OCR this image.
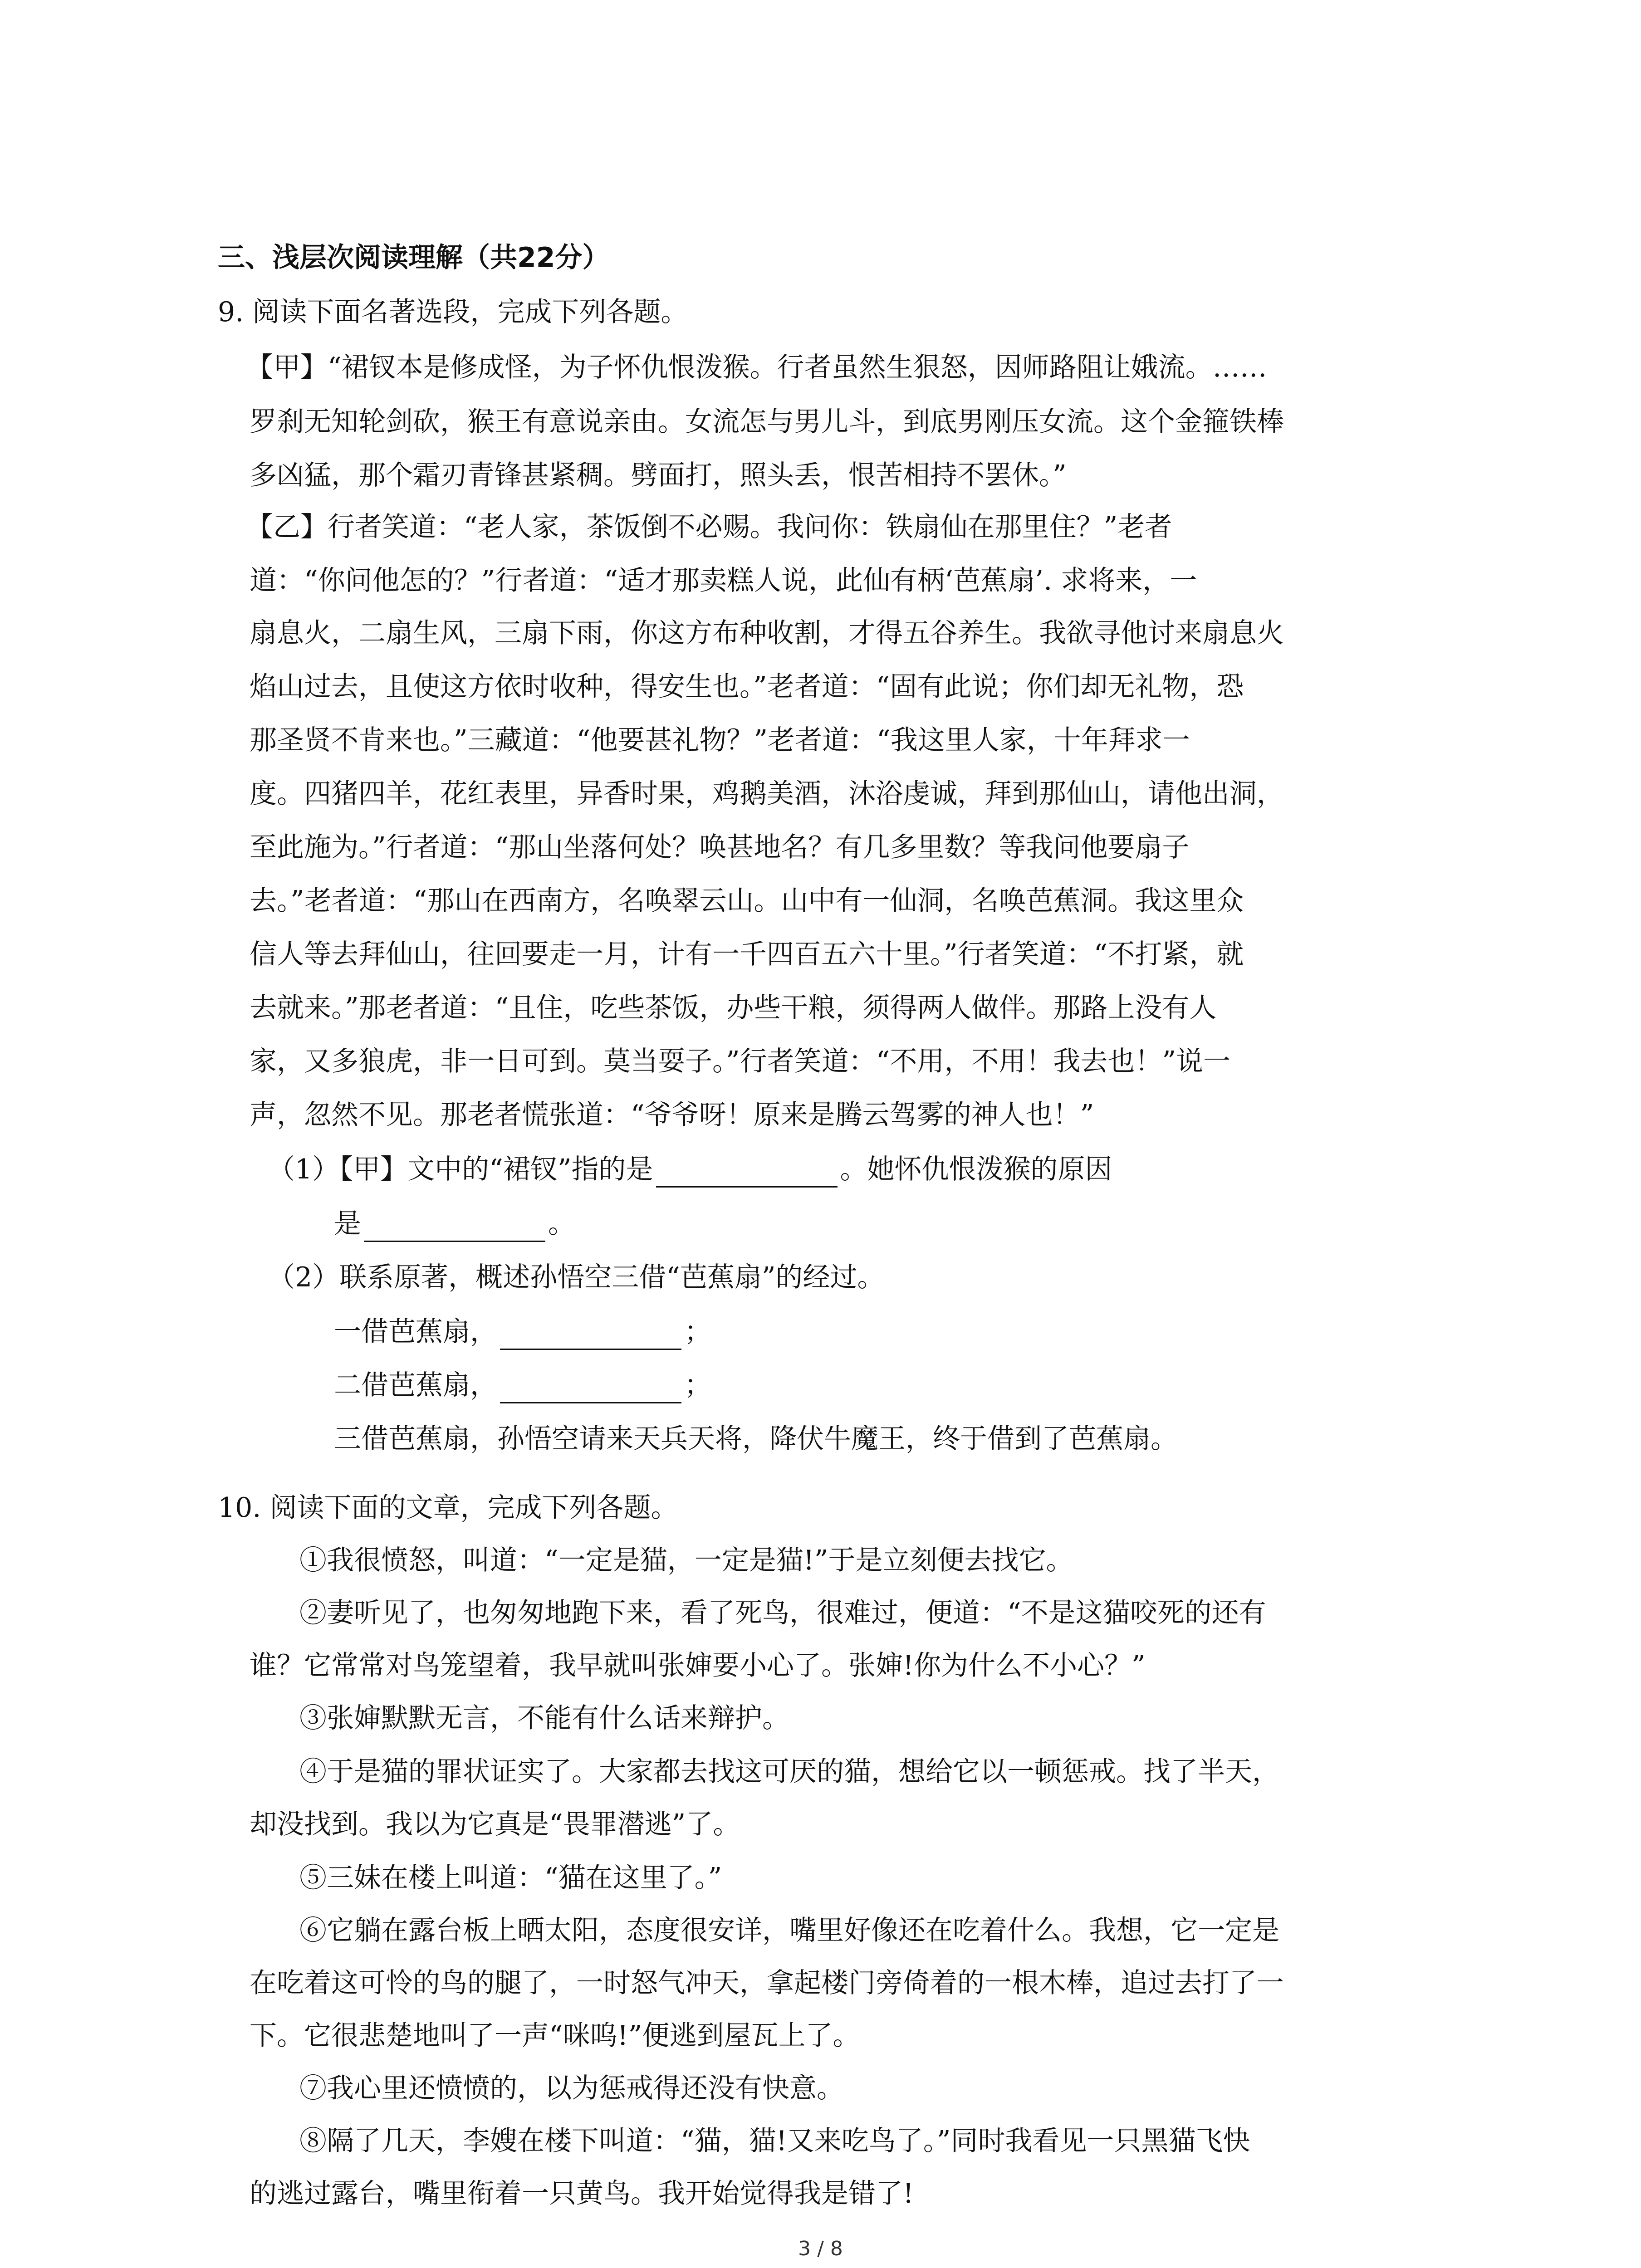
三、浅层次阅读理解（共22分）
9. 阅读下面名著选段，完成下列各题。
【甲】“裙钗本是修成怪，为子怀仇恨泼猴。行者虽然生狠怒，因师路阻让娥流。……
罗刹无知轮剑砍，猴王有意说亲由。女流怎与男儿斗，到底男刚压女流。这个金箍铁棒
多凶猛，那个霜刃青锋甚紧稠。劈面打，照头丢，恨苦相持不罢休。”
【乙】行者笑道：“老人家，茶饭倒不必赐。我问你：铁扇仙在那里住？”老者
道：“你问他怎的？”行者道：“适才那卖糕人说，此仙有柄‘芭蕉扇’. 求将来，一
扇息火，二扇生风，三扇下雨，你这方布种收割，才得五谷养生。我欲寻他讨来扇息火
焰山过去，且使这方依时收种，得安生也。”老者道：“固有此说；你们却无礼物，恐
那圣贤不肯来也。”三藏道：“他要甚礼物？”老者道：“我这里人家，十年拜求一
度。四猪四羊，花红表里，异香时果，鸡鹅美酒，沐浴虔诚，拜到那仙山，请他出洞，
至此施为。”行者道：“那山坐落何处？唤甚地名？有几多里数？等我问他要扇子
去。”老者道：“那山在西南方，名唤翠云山。山中有一仙洞，名唤芭蕉洞。我这里众
信人等去拜仙山，往回要走一月，计有一千四百五六十里。”行者笑道：“不打紧，就
去就来。”那老者道：“且住，吃些茶饭，办些干粮，须得两人做伴。那路上没有人
家，又多狼虎，非一日可到。莫当耍子。”行者笑道：“不用，不用！我去也！”说一
声，忽然不见。那老者慌张道：“爷爷呀！原来是腾云驾雾的神人也！”
（1）【甲】文中的“裙钗”指的是	。她怀仇恨泼猴的原因
是	。
（2）联系原著，概述孙悟空三借“芭蕉扇”的经过。
一借芭蕉扇，	；
二借芭蕉扇，	；
三借芭蕉扇，孙悟空请来天兵天将，降伏牛魔王，终于借到了芭蕉扇。
10. 阅读下面的文章，完成下列各题。
①我很愤怒，叫道：“一定是猫，一定是猫!”于是立刻便去找它。
②妻听见了，也匆匆地跑下来，看了死鸟，很难过，便道：“不是这猫咬死的还有
谁？它常常对鸟笼望着，我早就叫张婶要小心了。张婶!你为什么不小心？”
③张婶默默无言，不能有什么话来辩护。
④于是猫的罪状证实了。大家都去找这可厌的猫，想给它以一顿惩戒。找了半天，
却没找到。我以为它真是“畏罪潜逃”了。
⑤三妹在楼上叫道：“猫在这里了。”
⑥它躺在露台板上晒太阳，态度很安详，嘴里好像还在吃着什么。我想，它一定是
在吃着这可怜的鸟的腿了，一时怒气冲天，拿起楼门旁倚着的一根木棒，追过去打了一
下。它很悲楚地叫了一声“咪呜!”便逃到屋瓦上了。
⑦我心里还愤愤的，以为惩戒得还没有快意。
⑧隔了几天，李嫂在楼下叫道：“猫，猫!又来吃鸟了。”同时我看见一只黑猫飞快
的逃过露台，嘴里衔着一只黄鸟。我开始觉得我是错了!
3 / 8
